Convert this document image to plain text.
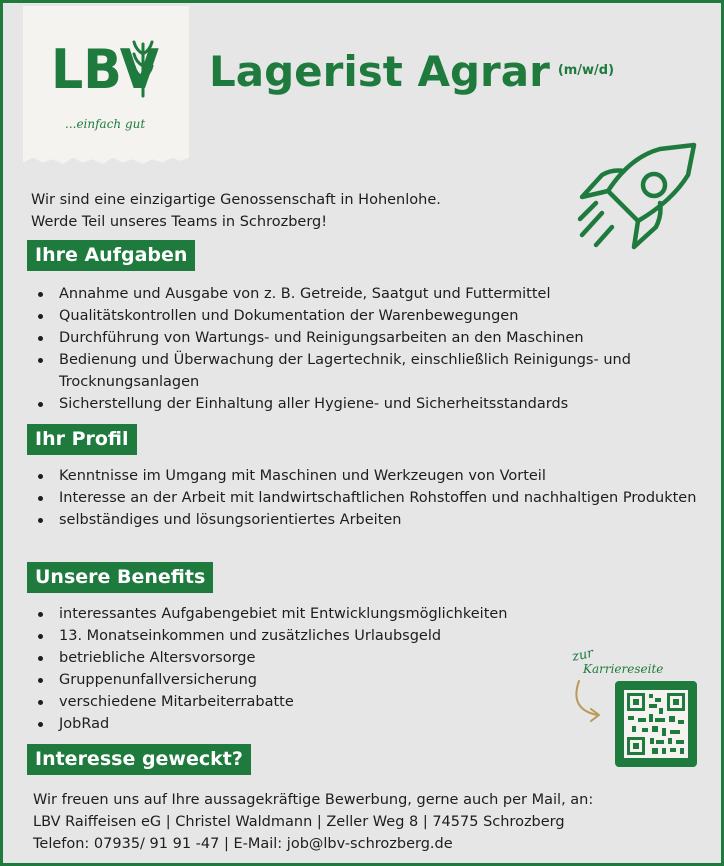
LBV
...einfach gut
Lagerist Agrar (m/w/d)
Wir sind eine einzigartige Genossenschaft in Hohenlohe.
Werde Teil unseres Teams in Schrozberg!
Ihre Aufgaben
Annahme und Ausgabe von z. B. Getreide, Saatgut und Futtermittel
Qualitätskontrollen und Dokumentation der Warenbewegungen
Durchführung von Wartungs- und Reinigungsarbeiten an den Maschinen
Bedienung und Überwachung der Lagertechnik, einschließlich Reinigungs- und Trocknungsanlagen
Sicherstellung der Einhaltung aller Hygiene- und Sicherheitsstandards
Ihr Profil
Kenntnisse im Umgang mit Maschinen und Werkzeugen von Vorteil
Interesse an der Arbeit mit landwirtschaftlichen Rohstoffen und nachhaltigen Produkten
selbständiges und lösungsorientiertes Arbeiten
Unsere Benefits
interessantes Aufgabengebiet mit Entwicklungsmöglichkeiten
13. Monatseinkommen und zusätzliches Urlaubsgeld
betriebliche Altersvorsorge
Gruppenunfallversicherung
verschiedene Mitarbeiterrabatte
JobRad
Interesse geweckt?
Wir freuen uns auf Ihre aussagekräftige Bewerbung, gerne auch per Mail, an:
LBV Raiffeisen eG | Christel Waldmann | Zeller Weg 8 | 74575 Schrozberg
Telefon: 07935/ 91 91 -47 | E-Mail: job@lbv-schrozberg.de
zur
Karriereseite
